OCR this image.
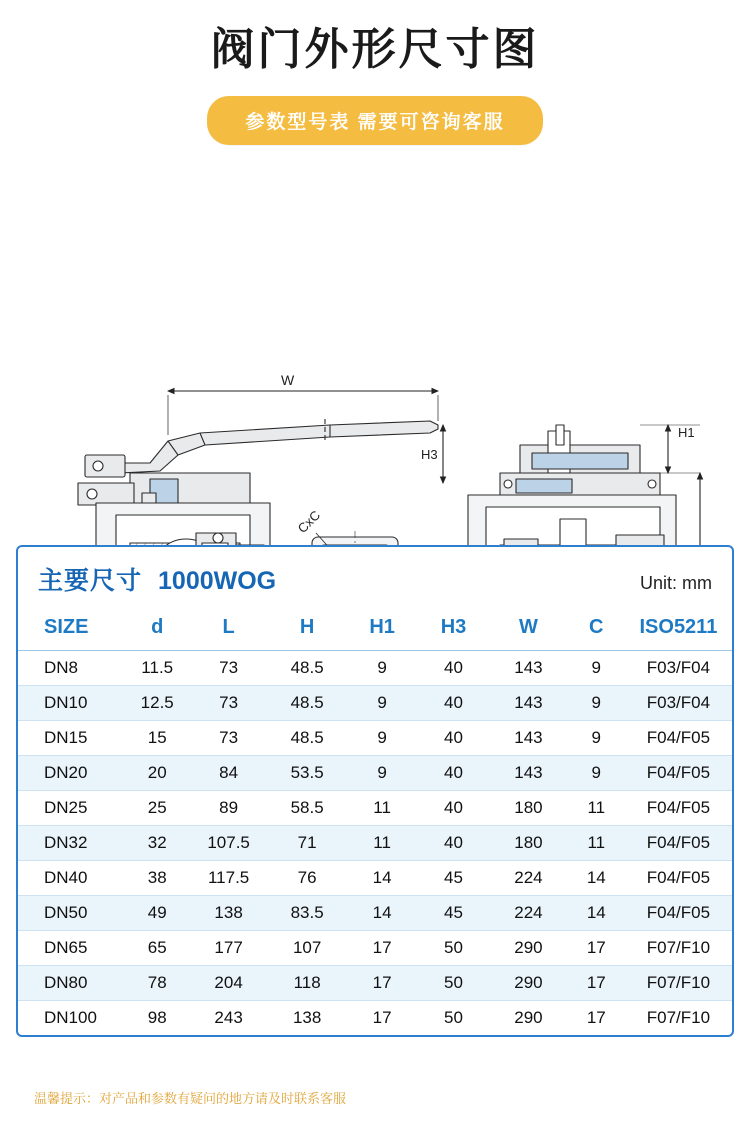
阀门外形尺寸图
参数型号表 需要可咨询客服
W
H3
CxC
H1
主要尺寸 1000WOG	Unit: mm
SIZE	d	L	H	H1	H3	W	C	ISO5211
DN8	11.5	73	48.5	9	40	143	9	F03/F04
DN10	12.5	73	48.5	9	40	143	9	F03/F04
DN15	15	73	48.5	9	40	143	9	F04/F05
DN20	20	84	53.5	9	40	143	9	F04/F05
DN25	25	89	58.5	11	40	180	11	F04/F05
DN32	32	107.5	71	11	40	180	11	F04/F05
DN40	38	117.5	76	14	45	224	14	F04/F05
DN50	49	138	83.5	14	45	224	14	F04/F05
DN65	65	177	107	17	50	290	17	F07/F10
DN80	78	204	118	17	50	290	17	F07/F10
DN100	98	243	138	17	50	290	17	F07/F10
温馨提示：对产品和参数有疑问的地方请及时联系客服
